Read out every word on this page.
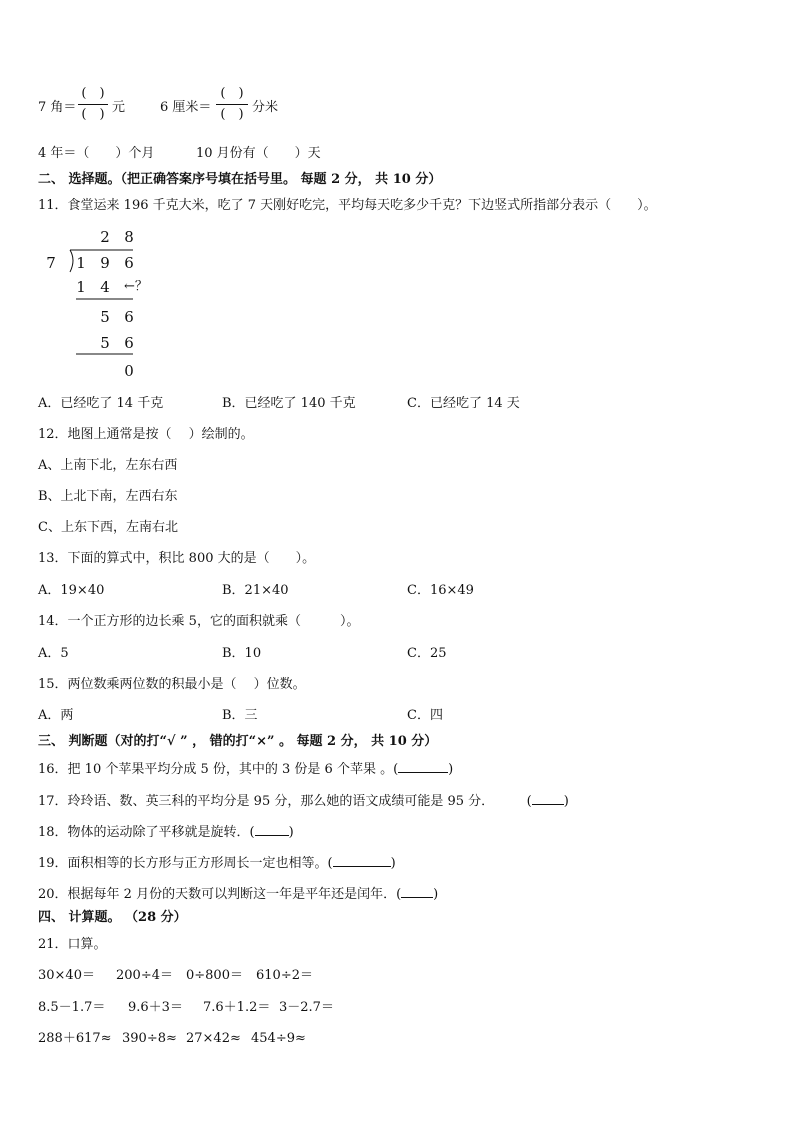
7 角＝
(　)
(　) 元	6 厘米＝
(　)
(　) 分米
4 年＝（　　）个月	10 月份有（　　）天
二、 选择题。（把正确答案序号填在括号里。 每题 2 分， 共 10 分）
11．食堂运来 196 千克大米，吃了 7 天刚好吃完，平均每天吃多少千克？下边竖式所指部分表示（　　）。
2 8
7 1 9 6
1 4 ←？
5 6
5 6
0
A．已经吃了 14 千克	B．已经吃了 140 千克	C．已经吃了 14 天
12．地图上通常是按（　 ）绘制的。
A、上南下北，左东右西
B、上北下南，左西右东
C、上东下西，左南右北
13．下面的算式中，积比 800 大的是（　　）。
A．19×40	B．21×40	C．16×49
14．一个正方形的边长乘 5，它的面积就乘（　　　）。
A．5	B．10	C．25
15．两位数乘两位数的积最小是（　 ）位数。
A．两	B．三	C．四
三、 判断题（对的打“√ ” ， 错的打“×” 。 每题 2 分， 共 10 分）
16．把 10 个苹果平均分成 5 份，其中的 3 份是 6 个苹果 。(	)
17．玲玲语、数、英三科的平均分是 95 分，那么她的语文成绩可能是 95 分．　　　( )
18．物体的运动除了平移就是旋转．(	)
19．面积相等的长方形与正方形周长一定也相等。(	)
20．根据每年 2 月份的天数可以判断这一年是平年还是闰年．( )
四、 计算题。 （28 分）
21．口算。
30×40＝ 200÷4＝ 0÷800＝ 610÷2＝
8.5－1.7＝ 9.6＋3＝ 7.6＋1.2＝ 3－2.7＝
288＋617≈ 390÷8≈ 27×42≈ 454÷9≈
